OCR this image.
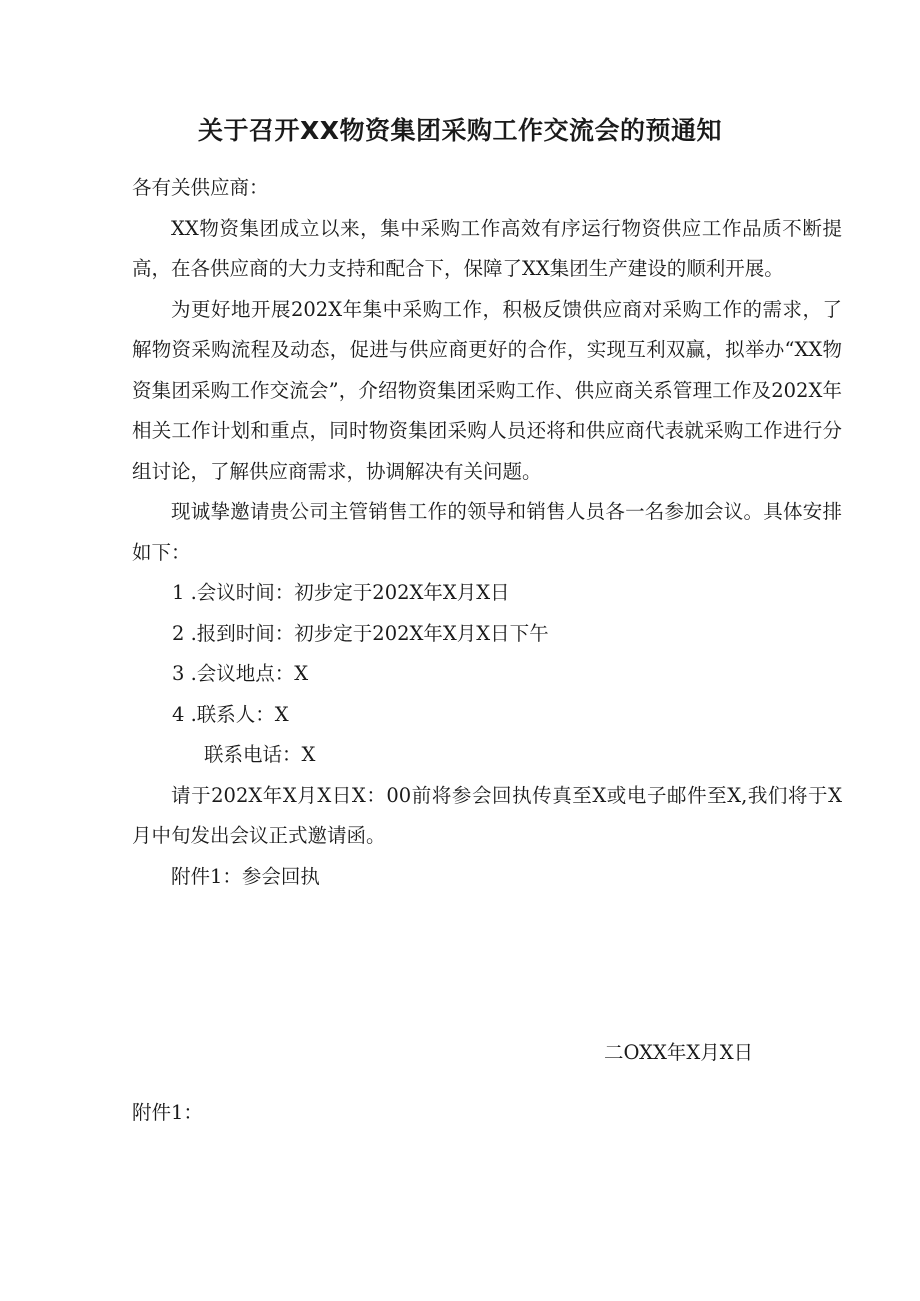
关于召开XX物资集团采购工作交流会的预通知

各有关供应商：

XX物资集团成立以来，集中采购工作高效有序运行物资供应工作品质不断提高，在各供应商的大力支持和配合下，保障了XX集团生产建设的顺利开展。

为更好地开展202X年集中采购工作，积极反馈供应商对采购工作的需求，了解物资采购流程及动态，促进与供应商更好的合作，实现互利双赢，拟举办“XX物资集团采购工作交流会”，介绍物资集团采购工作、供应商关系管理工作及202X年相关工作计划和重点，同时物资集团采购人员还将和供应商代表就采购工作进行分组讨论，了解供应商需求，协调解决有关问题。

现诚挚邀请贵公司主管销售工作的领导和销售人员各一名参加会议。具体安排如下：

1 .会议时间：初步定于202X年X月X日

2 .报到时间：初步定于202X年X月X日下午

3 .会议地点：X

4 .联系人：X

联系电话：X

请于202X年X月X日X：00前将参会回执传真至X或电子邮件至X,我们将于X月中旬发出会议正式邀请函。

附件1：参会回执

二OXX年X月X日
附件1：
